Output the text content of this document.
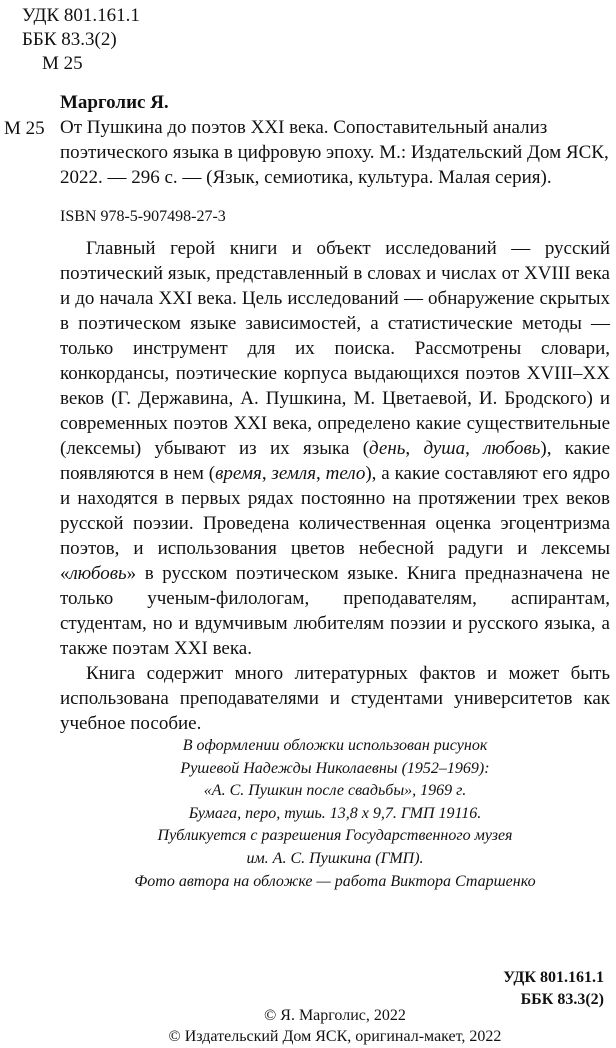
УДК 801.161.1
ББК 83.3(2)
М 25
М 25
Марголис Я.
От Пушкина до поэтов XXI века. Сопоставительный анализ поэтического языка в цифровую эпоху. М.: Издательский Дом ЯСК, 2022. — 296 с. — (Язык, семиотика, культура. Малая серия).
ISBN 978-5-907498-27-3

Главный герой книги и объект исследований — русский поэтический язык, представленный в словах и числах от XVIII века и до начала XXI века. Цель исследований — обнаружение скрытых в поэтическом языке зависимостей, а статистические методы — только инструмент для их поиска. Рассмотрены словари, конкордансы, поэтические корпуса выдающихся поэтов XVIII–XX веков (Г. Державина, А. Пушкина, М. Цветаевой, И. Бродского) и современных поэтов XXI века, определено какие существительные (лексемы) убывают из их языка (день, душа, любовь), какие появляются в нем (время, земля, тело), а какие составляют его ядро и находятся в первых рядах постоянно на протяжении трех веков русской поэзии. Проведена количественная оценка эгоцентризма поэтов, и использования цветов небесной радуги и лексемы «любовь» в русском поэтическом языке. Книга предназначена не только ученым-филологам, преподавателям, аспирантам, студентам, но и вдумчивым любителям поэзии и русского языка, а также поэтам XXI века.

Книга содержит много литературных фактов и может быть использована преподавателями и студентами университетов как учебное пособие.

В оформлении обложки использован рисунок
Рушевой Надежды Николаевны (1952–1969):
«А. С. Пушкин после свадьбы», 1969 г.
Бумага, перо, тушь. 13,8 х 9,7. ГМП 19116.
Публикуется с разрешения Государственного музея
им. А. С. Пушкина (ГМП).
Фото автора на обложке — работа Виктора Старшенко
УДК 801.161.1
ББК 83.3(2)
© Я. Марголис, 2022
© Издательский Дом ЯСК, оригинал-макет, 2022
